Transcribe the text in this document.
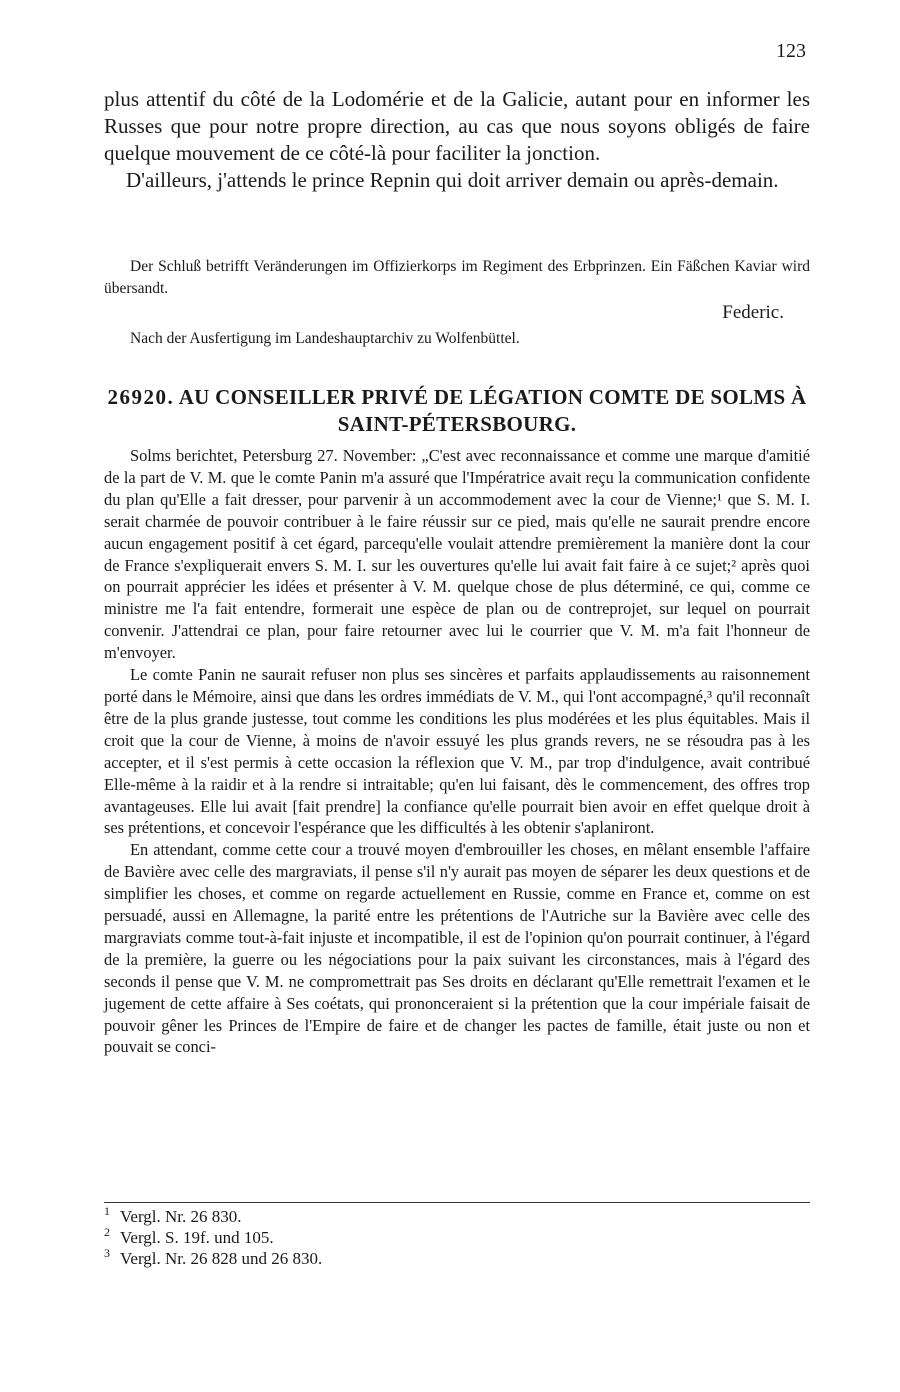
123

plus attentif du côté de la Lodomérie et de la Galicie, autant pour en informer les Russes que pour notre propre direction, au cas que nous soyons obligés de faire quelque mouvement de ce côté-là pour faciliter la jonction.

D'ailleurs, j'attends le prince Repnin qui doit arriver demain ou après-demain.

Der Schluß betrifft Veränderungen im Offizierkorps im Regiment des Erbprinzen. Ein Fäßchen Kaviar wird übersandt.

Federic.

Nach der Ausfertigung im Landeshauptarchiv zu Wolfenbüttel.

26920. AU CONSEILLER PRIVÉ DE LÉGATION COMTE DE SOLMS À SAINT-PÉTERSBOURG.

Solms berichtet, Petersburg 27. November: „C'est avec reconnaissance et comme une marque d'amitié de la part de V. M. que le comte Panin m'a assuré que l'Impératrice avait reçu la communication confidente du plan qu'Elle a fait dresser, pour parvenir à un accommodement avec la cour de Vienne;¹ que S. M. I. serait charmée de pouvoir contribuer à le faire réussir sur ce pied, mais qu'elle ne saurait prendre encore aucun engagement positif à cet égard, parcequ'elle voulait attendre premièrement la manière dont la cour de France s'expliquerait envers S. M. I. sur les ouvertures qu'elle lui avait fait faire à ce sujet;² après quoi on pourrait apprécier les idées et présenter à V. M. quelque chose de plus déterminé, ce qui, comme ce ministre me l'a fait entendre, formerait une espèce de plan ou de contreprojet, sur lequel on pourrait convenir. J'attendrai ce plan, pour faire retourner avec lui le courrier que V. M. m'a fait l'honneur de m'envoyer.

Le comte Panin ne saurait refuser non plus ses sincères et parfaits applaudissements au raisonnement porté dans le Mémoire, ainsi que dans les ordres immédiats de V. M., qui l'ont accompagné,³ qu'il reconnaît être de la plus grande justesse, tout comme les conditions les plus modérées et les plus équitables. Mais il croit que la cour de Vienne, à moins de n'avoir essuyé les plus grands revers, ne se résoudra pas à les accepter, et il s'est permis à cette occasion la réflexion que V. M., par trop d'indulgence, avait contribué Elle-même à la raidir et à la rendre si intraitable; qu'en lui faisant, dès le commencement, des offres trop avantageuses. Elle lui avait [fait prendre] la confiance qu'elle pourrait bien avoir en effet quelque droit à ses prétentions, et concevoir l'espérance que les difficultés à les obtenir s'aplaniront.

En attendant, comme cette cour a trouvé moyen d'embrouiller les choses, en mêlant ensemble l'affaire de Bavière avec celle des margraviats, il pense s'il n'y aurait pas moyen de séparer les deux questions et de simplifier les choses, et comme on regarde actuellement en Russie, comme en France et, comme on est persuadé, aussi en Allemagne, la parité entre les prétentions de l'Autriche sur la Bavière avec celle des margraviats comme tout-à-fait injuste et incompatible, il est de l'opinion qu'on pourrait continuer, à l'égard de la première, la guerre ou les négociations pour la paix suivant les circonstances, mais à l'égard des seconds il pense que V. M. ne compromettrait pas Ses droits en déclarant qu'Elle remettrait l'examen et le jugement de cette affaire à Ses coétats, qui prononceraient si la prétention que la cour impériale faisait de pouvoir gêner les Princes de l'Empire de faire et de changer les pactes de famille, était juste ou non et pouvait se conci-

1 Vergl. Nr. 26 830.
2 Vergl. S. 19f. und 105.
3 Vergl. Nr. 26 828 und 26 830.
